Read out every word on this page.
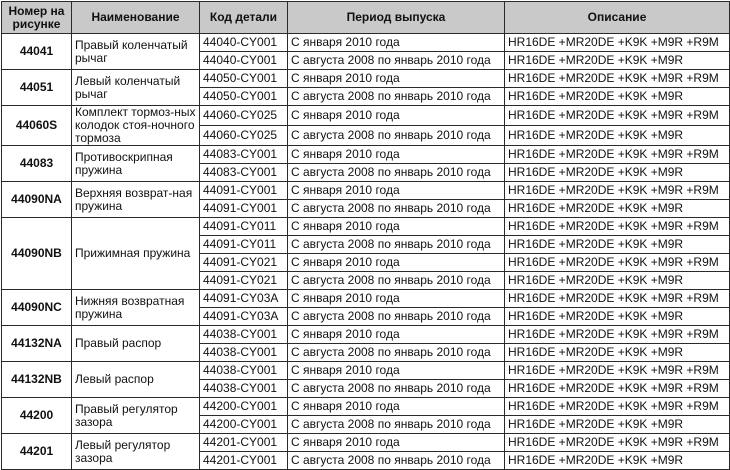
Номер на рисунке	Наименование	Код детали	Период выпуска	Описание
44041	Правый коленчатый рычаг	44040-CY001	С января 2010 года	HR16DE +MR20DE +K9K +M9R +R9M
		44040-CY001	С августа 2008 по январь 2010 года	HR16DE +MR20DE +K9K +M9R
44051	Левый коленчатый рычаг	44050-CY001	С января 2010 года	HR16DE +MR20DE +K9K +M9R +R9M
		44050-CY001	С августа 2008 по январь 2010 года	HR16DE +MR20DE +K9K +M9R
44060S	Комплект тормоз-ных колодок стоя-ночного тормоза	44060-CY025	С января 2010 года	HR16DE +MR20DE +K9K +M9R +R9M
		44060-CY025	С августа 2008 по январь 2010 года	HR16DE +MR20DE +K9K +M9R
44083	Противоскрипная пружина	44083-CY001	С января 2010 года	HR16DE +MR20DE +K9K +M9R +R9M
		44083-CY001	С августа 2008 по январь 2010 года	HR16DE +MR20DE +K9K +M9R
44090NA	Верхняя возврат-ная пружина	44091-CY001	С января 2010 года	HR16DE +MR20DE +K9K +M9R +R9M
		44091-CY001	С августа 2008 по январь 2010 года	HR16DE +MR20DE +K9K +M9R
44090NB	Прижимная пружина	44091-CY011	С января 2010 года	HR16DE +MR20DE +K9K +M9R +R9M
		44091-CY011	С августа 2008 по январь 2010 года	HR16DE +MR20DE +K9K +M9R
		44091-CY021	С января 2010 года	HR16DE +MR20DE +K9K +M9R +R9M
		44091-CY021	С августа 2008 по январь 2010 года	HR16DE +MR20DE +K9K +M9R
44090NC	Нижняя возвратная пружина	44091-CY03A	С января 2010 года	HR16DE +MR20DE +K9K +M9R +R9M
		44091-CY03A	С августа 2008 по январь 2010 года	HR16DE +MR20DE +K9K +M9R
44132NA	Правый распор	44038-CY001	С января 2010 года	HR16DE +MR20DE +K9K +M9R +R9M
		44038-CY001	С августа 2008 по январь 2010 года	HR16DE +MR20DE +K9K +M9R
44132NB	Левый распор	44038-CY001	С января 2010 года	HR16DE +MR20DE +K9K +M9R +R9M
		44038-CY001	С августа 2008 по январь 2010 года	HR16DE +MR20DE +K9K +M9R +R9M
44200	Правый регулятор зазора	44200-CY001	С января 2010 года	HR16DE +MR20DE +K9K +M9R +R9M
		44200-CY001	С августа 2008 по январь 2010 года	HR16DE +MR20DE +K9K +M9R
44201	Левый регулятор зазора	44201-CY001	С января 2010 года	HR16DE +MR20DE +K9K +M9R +R9M
		44201-CY001	С августа 2008 по январь 2010 года	HR16DE +MR20DE +K9K +M9R
